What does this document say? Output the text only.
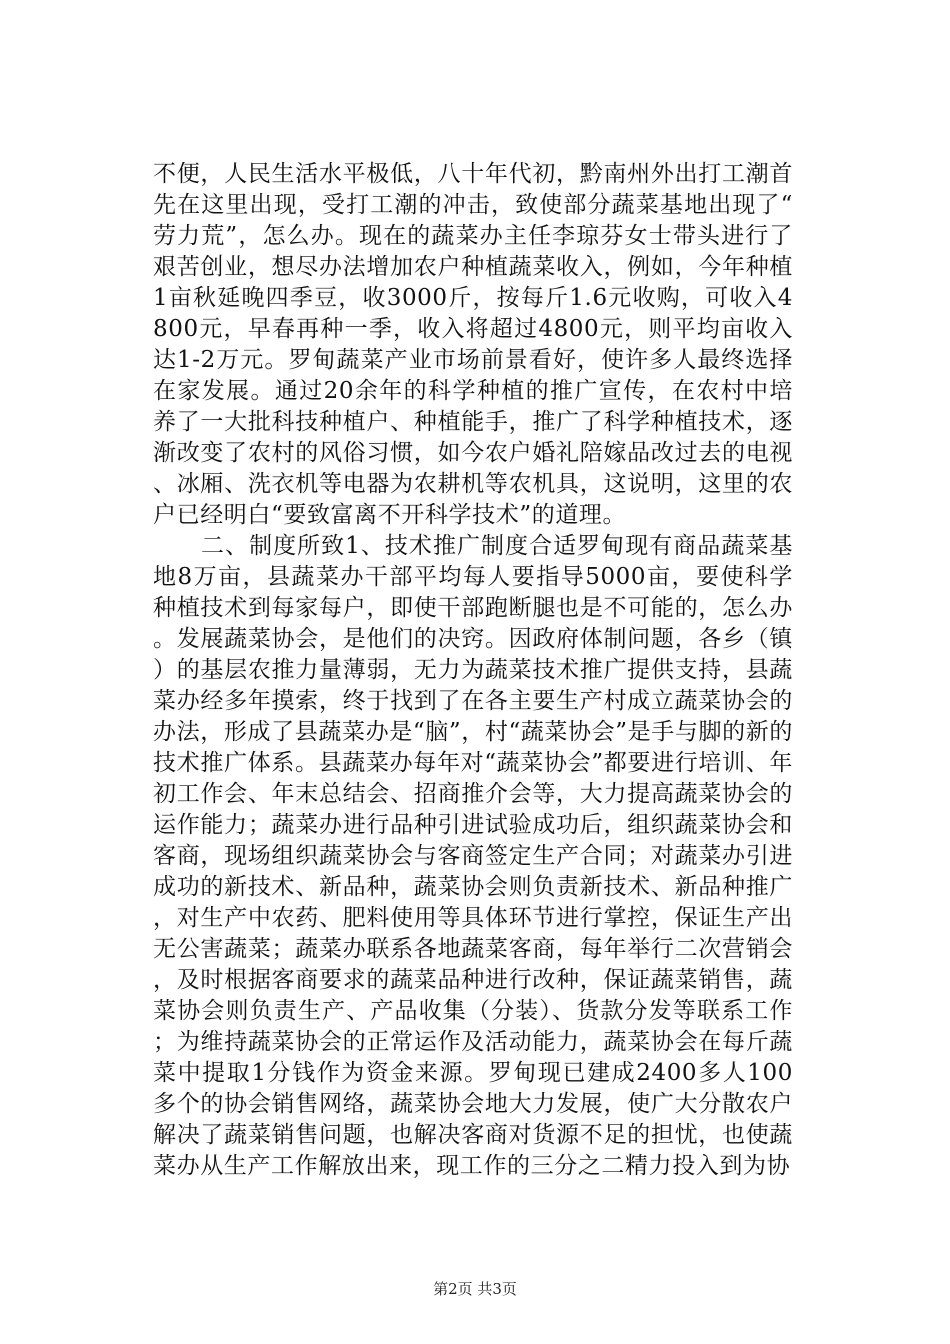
不便，人民生活水平极低，八十年代初，黔南州外出打工潮首先在这里出现，受打工潮的冲击，致使部分蔬菜基地出现了“劳力荒”，怎么办。现在的蔬菜办主任李琼芬女士带头进行了艰苦创业，想尽办法增加农户种植蔬菜收入，例如，今年种植1亩秋延晚四季豆，收3000斤，按每斤1.6元收购，可收入4800元，早春再种一季，收入将超过4800元，则平均亩收入达1-2万元。罗甸蔬菜产业市场前景看好，使许多人最终选择在家发展。通过20余年的科学种植的推广宣传，在农村中培养了一大批科技种植户、种植能手，推广了科学种植技术，逐渐改变了农村的风俗习惯，如今农户婚礼陪嫁品改过去的电视、冰厢、洗衣机等电器为农耕机等农机具，这说明，这里的农户已经明白“要致富离不开科学技术”的道理。

二、制度所致1、技术推广制度合适罗甸现有商品蔬菜基地8万亩，县蔬菜办干部平均每人要指导5000亩，要使科学种植技术到每家每户，即使干部跑断腿也是不可能的，怎么办。发展蔬菜协会，是他们的决窍。因政府体制问题，各乡（镇）的基层农推力量薄弱，无力为蔬菜技术推广提供支持，县蔬菜办经多年摸索，终于找到了在各主要生产村成立蔬菜协会的办法，形成了县蔬菜办是“脑”，村“蔬菜协会”是手与脚的新的技术推广体系。县蔬菜办每年对“蔬菜协会”都要进行培训、年初工作会、年末总结会、招商推介会等，大力提高蔬菜协会的运作能力；蔬菜办进行品种引进试验成功后，组织蔬菜协会和客商，现场组织蔬菜协会与客商签定生产合同；对蔬菜办引进成功的新技术、新品种，蔬菜协会则负责新技术、新品种推广，对生产中农药、肥料使用等具体环节进行掌控，保证生产出无公害蔬菜；蔬菜办联系各地蔬菜客商，每年举行二次营销会，及时根据客商要求的蔬菜品种进行改种，保证蔬菜销售，蔬菜协会则负责生产、产品收集（分装）、货款分发等联系工作；为维持蔬菜协会的正常运作及活动能力，蔬菜协会在每斤蔬菜中提取1分钱作为资金来源。罗甸现已建成2400多人100多个的协会销售网络，蔬菜协会地大力发展，使广大分散农户解决了蔬菜销售问题，也解决客商对货源不足的担忧，也使蔬菜办从生产工作解放出来，现工作的三分之二精力投入到为协

第2页 共3页
